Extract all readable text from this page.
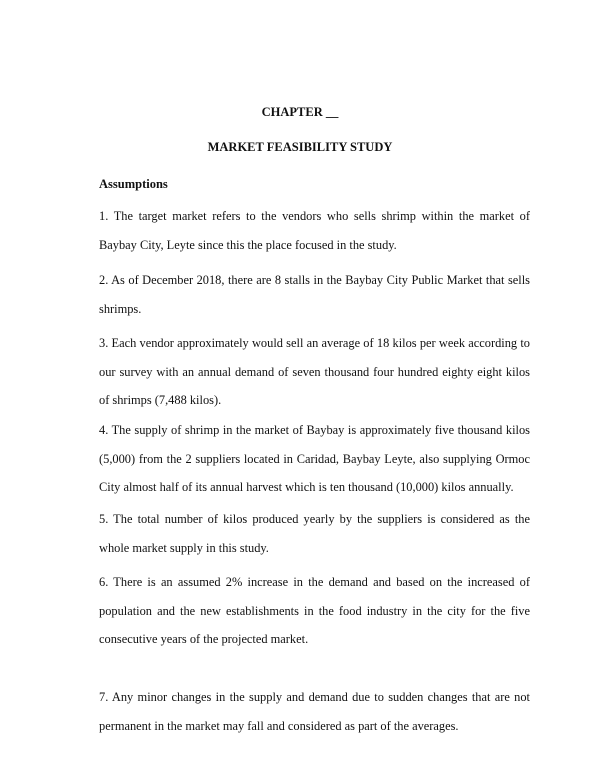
CHAPTER __
MARKET FEASIBILITY STUDY
Assumptions
1. The target market refers to the vendors who sells shrimp within the market of Baybay City, Leyte since this the place focused in the study.
2. As of December 2018, there are 8 stalls in the Baybay City Public Market that sells shrimps.
3. Each vendor approximately would sell an average of 18 kilos per week according to our survey with an annual demand of seven thousand four hundred eighty eight kilos of shrimps (7,488 kilos).
4. The supply of shrimp in the market of Baybay is approximately five thousand kilos (5,000) from the 2 suppliers located in Caridad, Baybay Leyte, also supplying Ormoc City almost half of its annual harvest which is ten thousand (10,000) kilos annually.
5. The total number of kilos produced yearly by the suppliers is considered as the whole market supply in this study.
6. There is an assumed 2% increase in the demand and based on the increased of population and the new establishments in the food industry in the city for the five consecutive years of the projected market.
7. Any minor changes in the supply and demand due to sudden changes that are not permanent in the market may fall and considered as part of the averages.
